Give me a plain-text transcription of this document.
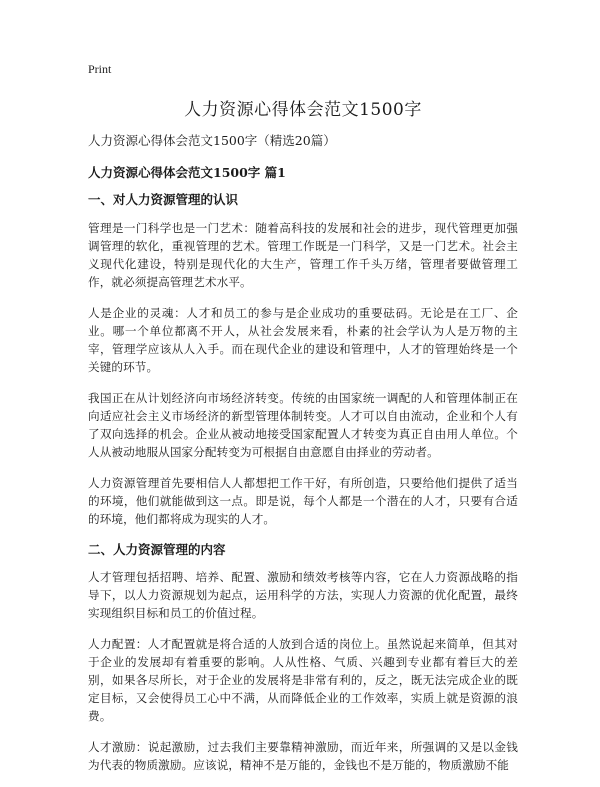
Print
人力资源心得体会范文1500字

人力资源心得体会范文1500字（精选20篇）

人力资源心得体会范文1500字 篇1

一、对人力资源管理的认识

管理是一门科学也是一门艺术：随着高科技的发展和社会的进步，现代管理更加强调管理的软化，重视管理的艺术。管理工作既是一门科学，又是一门艺术。社会主义现代化建设，特别是现代化的大生产，管理工作千头万绪，管理者要做管理工作，就必须提高管理艺术水平。

人是企业的灵魂：人才和员工的参与是企业成功的重要砝码。无论是在工厂、企业。哪一个单位都离不开人，从社会发展来看，朴素的社会学认为人是万物的主宰，管理学应该从人入手。而在现代企业的建设和管理中，人才的管理始终是一个关键的环节。

我国正在从计划经济向市场经济转变。传统的由国家统一调配的人和管理体制正在向适应社会主义市场经济的新型管理体制转变。人才可以自由流动，企业和个人有了双向选择的机会。企业从被动地接受国家配置人才转变为真正自由用人单位。个人从被动地服从国家分配转变为可根据自由意愿自由择业的劳动者。

人力资源管理首先要相信人人都想把工作干好，有所创造，只要给他们提供了适当的环境，他们就能做到这一点。即是说，每个人都是一个潜在的人才，只要有合适的环境，他们都将成为现实的人才。

二、人力资源管理的内容

人才管理包括招聘、培养、配置、激励和绩效考核等内容，它在人力资源战略的指导下，以人力资源规划为起点，运用科学的方法，实现人力资源的优化配置，最终实现组织目标和员工的价值过程。

人力配置：人才配置就是将合适的人放到合适的岗位上。虽然说起来简单，但其对于企业的发展却有着重要的影响。人从性格、气质、兴趣到专业都有着巨大的差别，如果各尽所长，对于企业的发展将是非常有利的，反之，既无法完成企业的既定目标，又会使得员工心中不满，从而降低企业的工作效率，实质上就是资源的浪费。

人才激励：说起激励，过去我们主要靠精神激励，而近年来，所强调的又是以金钱为代表的物质激励。应该说，精神不是万能的，金钱也不是万能的，物质激励不能
